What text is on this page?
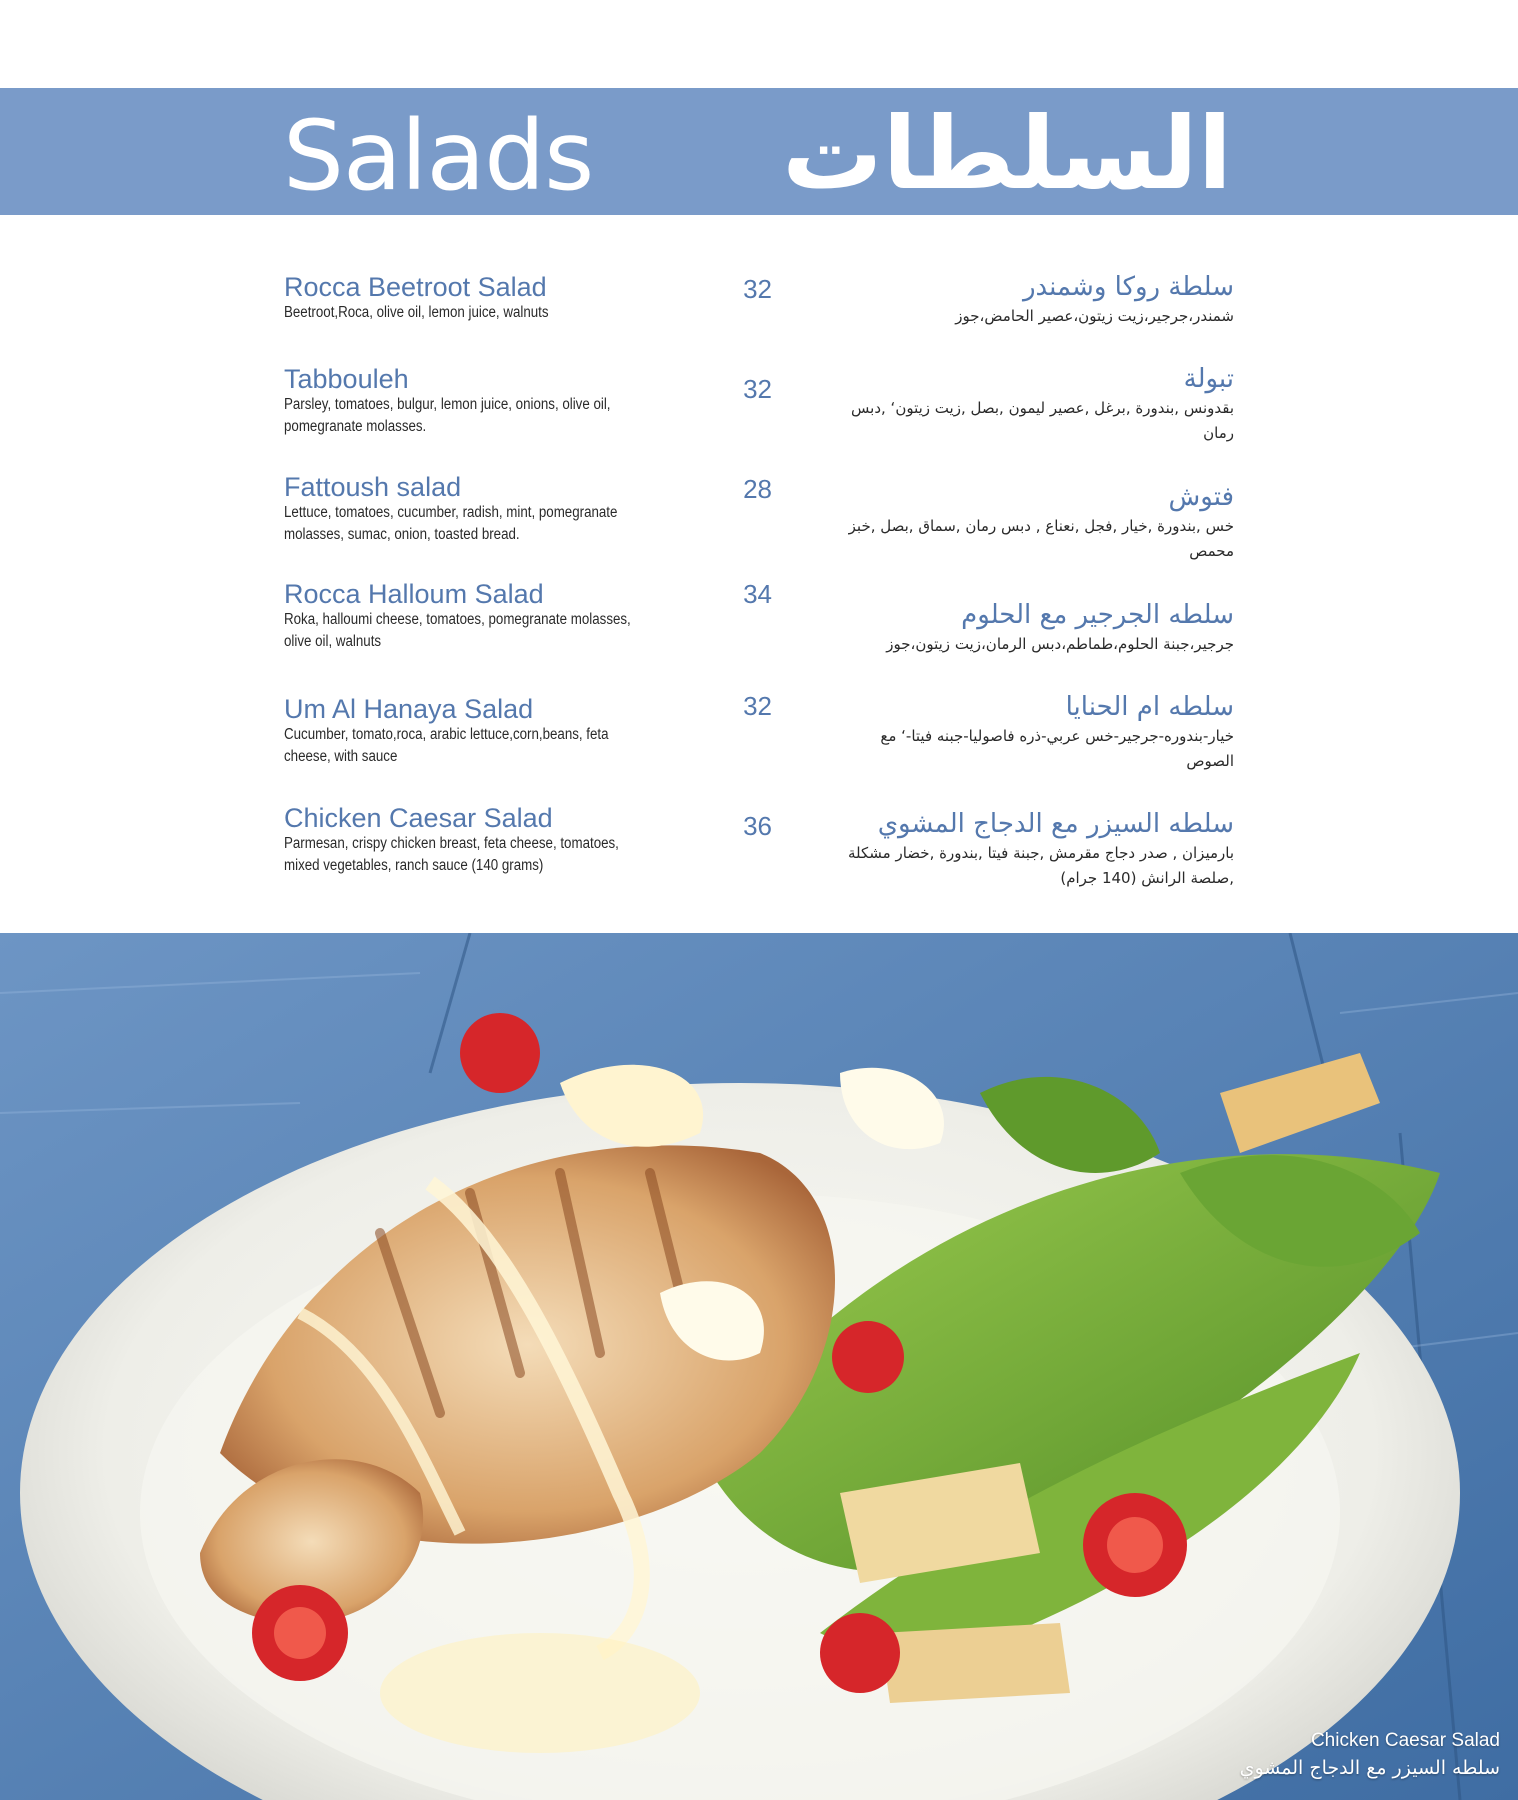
Salads السلطات
Rocca Beetroot Salad
Beetroot,Roca, olive oil, lemon juice, walnuts
32	سلطة روكا وشمندر
شمندر،جرجير،زيت زيتون،عصير الحامض،جوز
Tabbouleh
Parsley, tomatoes, bulgur, lemon juice, onions, olive oil, pomegranate molasses.
32	تبولة
بقدونس ,بندورة ,برغل ,عصير ليمون ,بصل ,زيت زيتون‘ ,دبس رمان
Fattoush salad
Lettuce, tomatoes, cucumber, radish, mint, pomegranate molasses, sumac, onion, toasted bread.
28	فتوش
خس ,بندورة ,خيار ,فجل ,نعناع , دبس رمان ,سماق ,بصل ,خبز محمص
Rocca Halloum Salad
Roka, halloumi cheese, tomatoes, pomegranate molasses, olive oil, walnuts
34
سلطه الجرجير مع الحلوم
جرجير،جبنة الحلوم،طماطم،دبس الرمان،زيت زيتون،جوز
Um Al Hanaya Salad
Cucumber, tomato,roca, arabic lettuce,corn,beans, feta cheese, with sauce
32	سلطه ام الحنايا
خيار-بندوره-جرجير-خس عربي-ذره فاصوليا-جبنه فيتا-‘ مع الصوص
Chicken Caesar Salad
Parmesan, crispy chicken breast, feta cheese, tomatoes, mixed vegetables, ranch sauce (140 grams)
36	سلطه السيزر مع الدجاج المشوي
بارميزان , صدر دجاج مقرمش ,جبنة فيتا ,بندورة ,خضار مشكلة ,صلصة الرانش (140 جرام)
Chicken Caesar Salad
سلطه السيزر مع الدجاج المشوي
